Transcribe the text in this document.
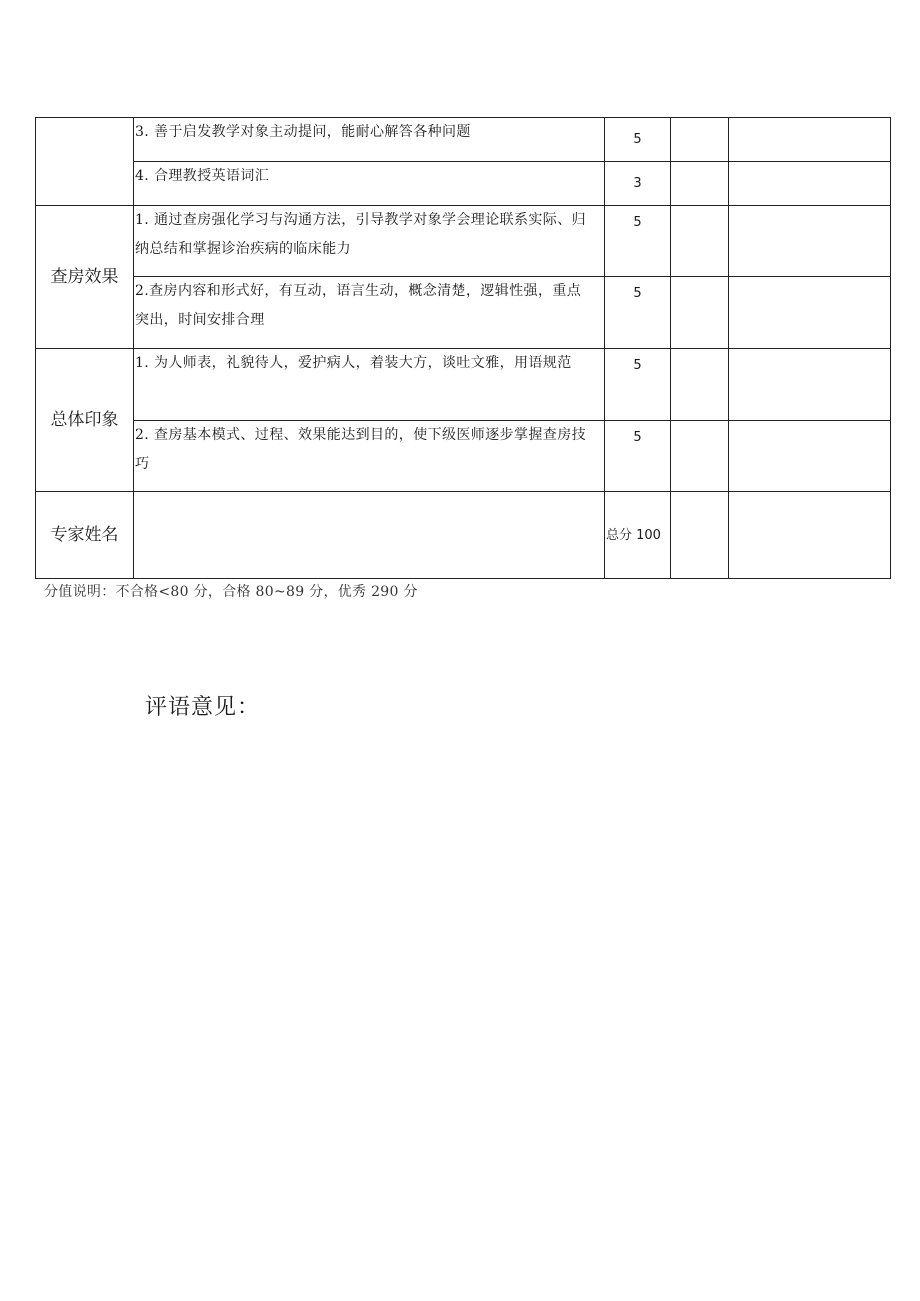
	3. 善于启发教学对象主动提问，能耐心解答各种问题	5		
	4. 合理教授英语词汇	3		
查房效果	1. 通过查房强化学习与沟通方法，引导教学对象学会理论联系实际、归纳总结和掌握诊治疾病的临床能力	5		
	2.查房内容和形式好，有互动，语言生动，概念清楚，逻辑性强，重点突出，时间安排合理	5		
总体印象	1. 为人师表，礼貌待人，爱护病人，着装大方，谈吐文雅，用语规范	5		
	2. 查房基本模式、过程、效果能达到目的，使下级医师逐步掌握查房技巧	5		
专家姓名		总分 100		
分值说明：不合格<80 分，合格 80~89 分，优秀 290 分
评语意见：
